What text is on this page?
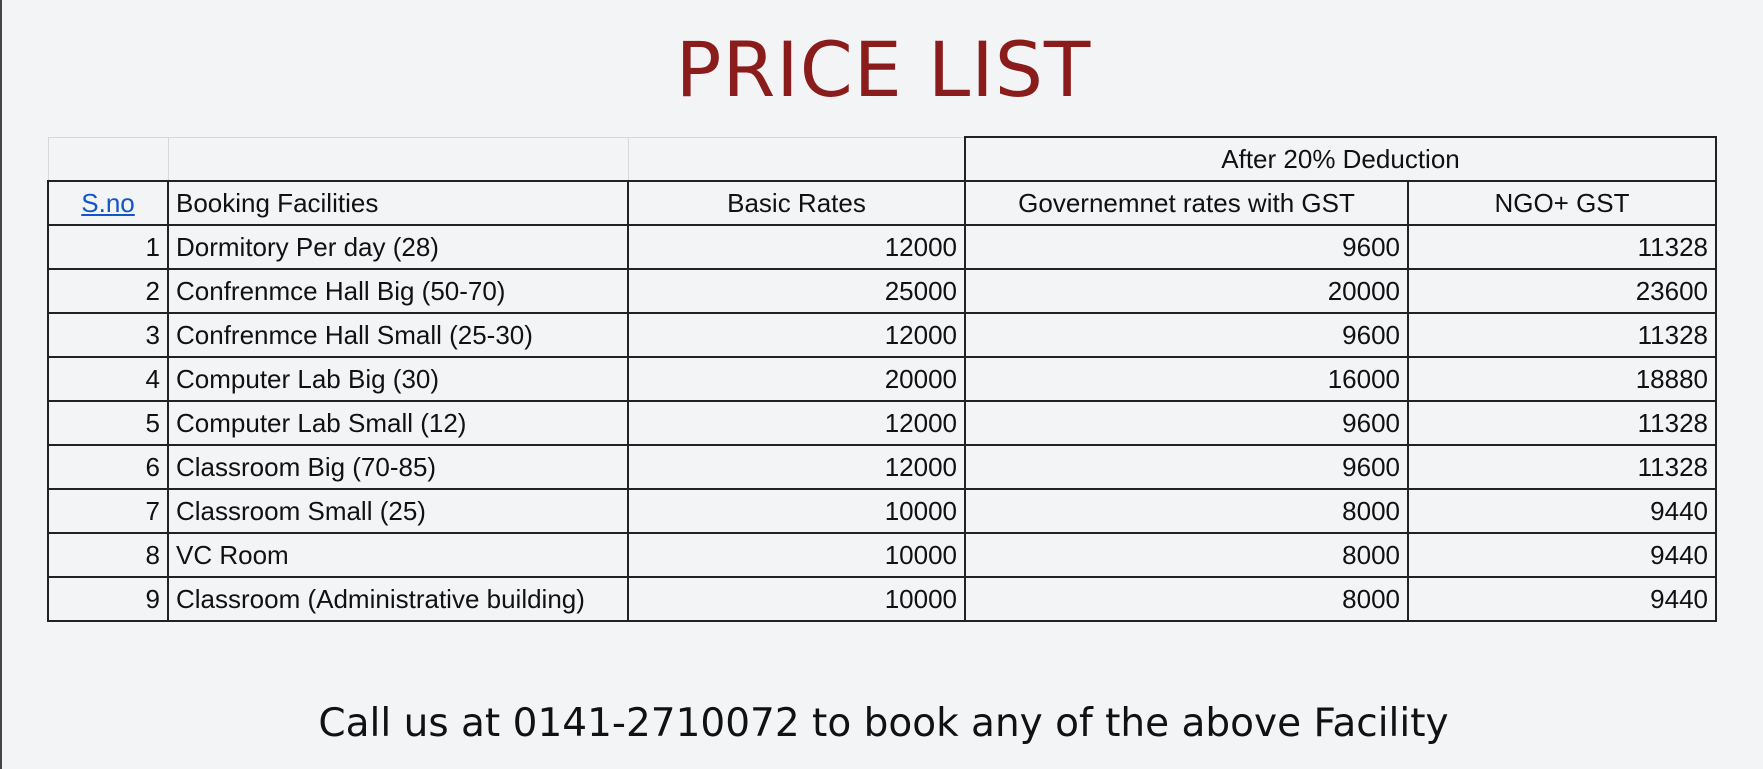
PRICE LIST
			After 20% Deduction	
S.no	Booking Facilities	Basic Rates	Governemnet rates with GST	NGO+ GST
1	Dormitory Per day (28)	12000	9600	11328
2	Confrenmce Hall Big (50-70)	25000	20000	23600
3	Confrenmce Hall Small (25-30)	12000	9600	11328
4	Computer Lab Big (30)	20000	16000	18880
5	Computer Lab Small (12)	12000	9600	11328
6	Classroom Big (70-85)	12000	9600	11328
7	Classroom Small (25)	10000	8000	9440
8	VC Room	10000	8000	9440
9	Classroom (Administrative building)	10000	8000	9440
Call us at 0141-2710072 to book any of the above Facility
